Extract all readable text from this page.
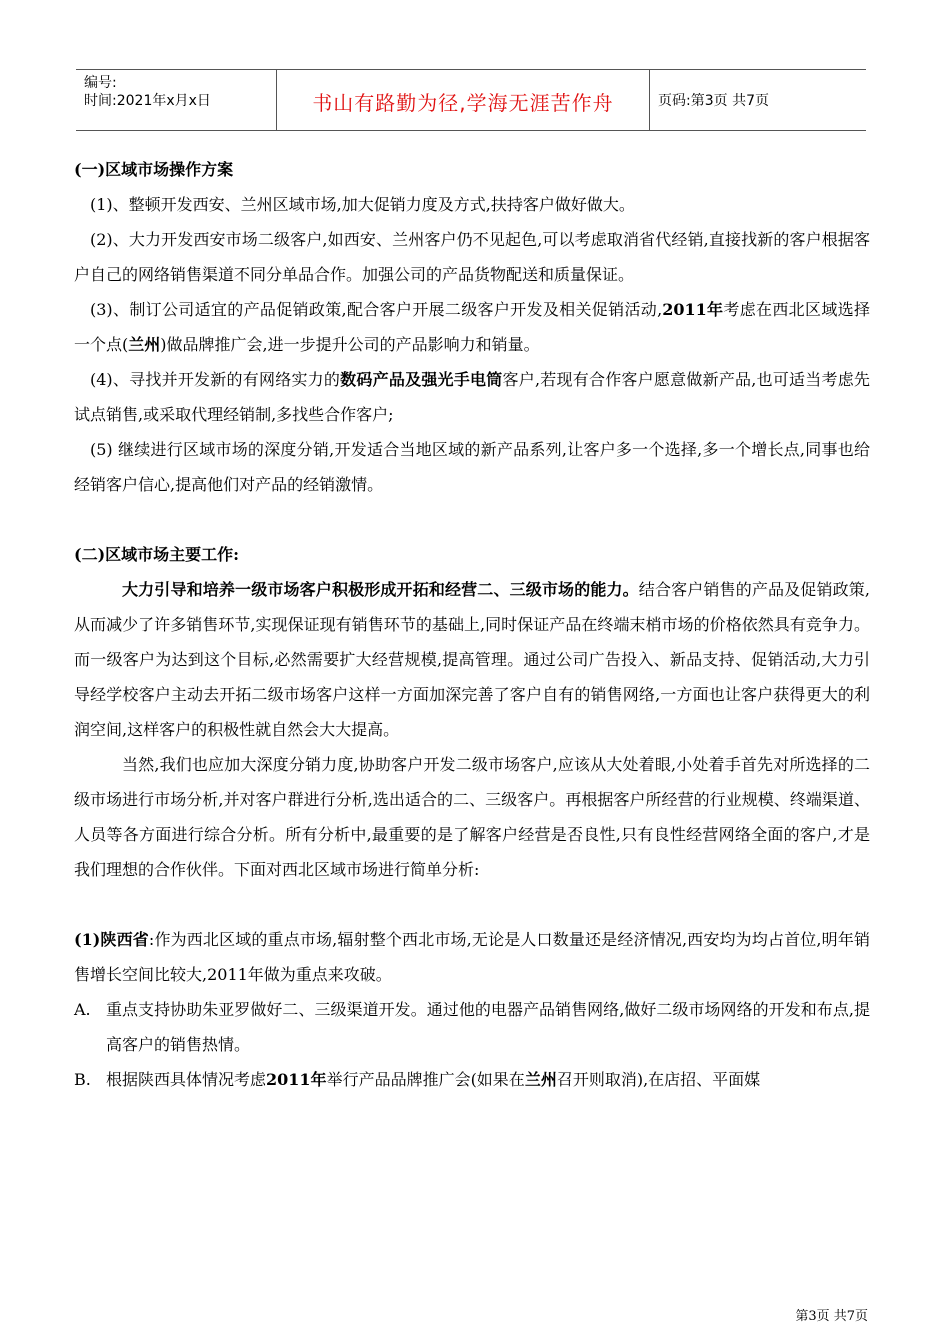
编号:
时间:2021年x月x日	书山有路勤为径,学海无涯苦作舟	页码:第3页 共7页

(一)区域市场操作方案

(1)、整顿开发西安、兰州区域市场,加大促销力度及方式,扶持客户做好做大。

(2)、大力开发西安市场二级客户,如西安、兰州客户仍不见起色,可以考虑取消省代经销,直接找新的客户根据客户自己的网络销售渠道不同分单品合作。加强公司的产品货物配送和质量保证。

(3)、制订公司适宜的产品促销政策,配合客户开展二级客户开发及相关促销活动,2011年考虑在西北区域选择一个点(兰州)做品牌推广会,进一步提升公司的产品影响力和销量。

(4)、寻找并开发新的有网络实力的数码产品及强光手电筒客户,若现有合作客户愿意做新产品,也可适当考虑先试点销售,或采取代理经销制,多找些合作客户;

(5) 继续进行区域市场的深度分销,开发适合当地区域的新产品系列,让客户多一个选择,多一个增长点,同事也给经销客户信心,提高他们对产品的经销激情。

(二)区域市场主要工作:

大力引导和培养一级市场客户积极形成开拓和经营二、三级市场的能力。结合客户销售的产品及促销政策,从而减少了许多销售环节,实现保证现有销售环节的基础上,同时保证产品在终端末梢市场的价格依然具有竞争力。而一级客户为达到这个目标,必然需要扩大经营规模,提高管理。通过公司广告投入、新品支持、促销活动,大力引导经学校客户主动去开拓二级市场客户这样一方面加深完善了客户自有的销售网络,一方面也让客户获得更大的利润空间,这样客户的积极性就自然会大大提高。

当然,我们也应加大深度分销力度,协助客户开发二级市场客户,应该从大处着眼,小处着手首先对所选择的二级市场进行市场分析,并对客户群进行分析,选出适合的二、三级客户。再根据客户所经营的行业规模、终端渠道、人员等各方面进行综合分析。所有分析中,最重要的是了解客户经营是否良性,只有良性经营网络全面的客户,才是我们理想的合作伙伴。下面对西北区域市场进行简单分析:

(1)陕西省:作为西北区域的重点市场,辐射整个西北市场,无论是人口数量还是经济情况,西安均为均占首位,明年销售增长空间比较大,2011年做为重点来攻破。

A. 重点支持协助朱亚罗做好二、三级渠道开发。通过他的电器产品销售网络,做好二级市场网络的开发和布点,提高客户的销售热情。
B. 根据陕西具体情况考虑2011年举行产品品牌推广会(如果在兰州召开则取消),在店招、平面媒
第3页 共7页
